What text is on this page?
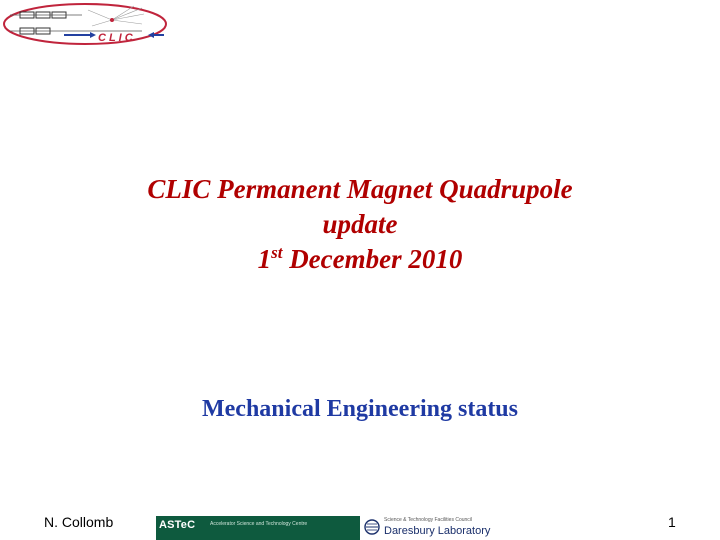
C L I C
CLIC Permanent Magnet Quadrupole
update
1st December 2010
Mechanical Engineering status
N. Collomb	ASTeC	Accelerator Science and Technology Centre
Science & Technology Facilities Council
Daresbury Laboratory
1
